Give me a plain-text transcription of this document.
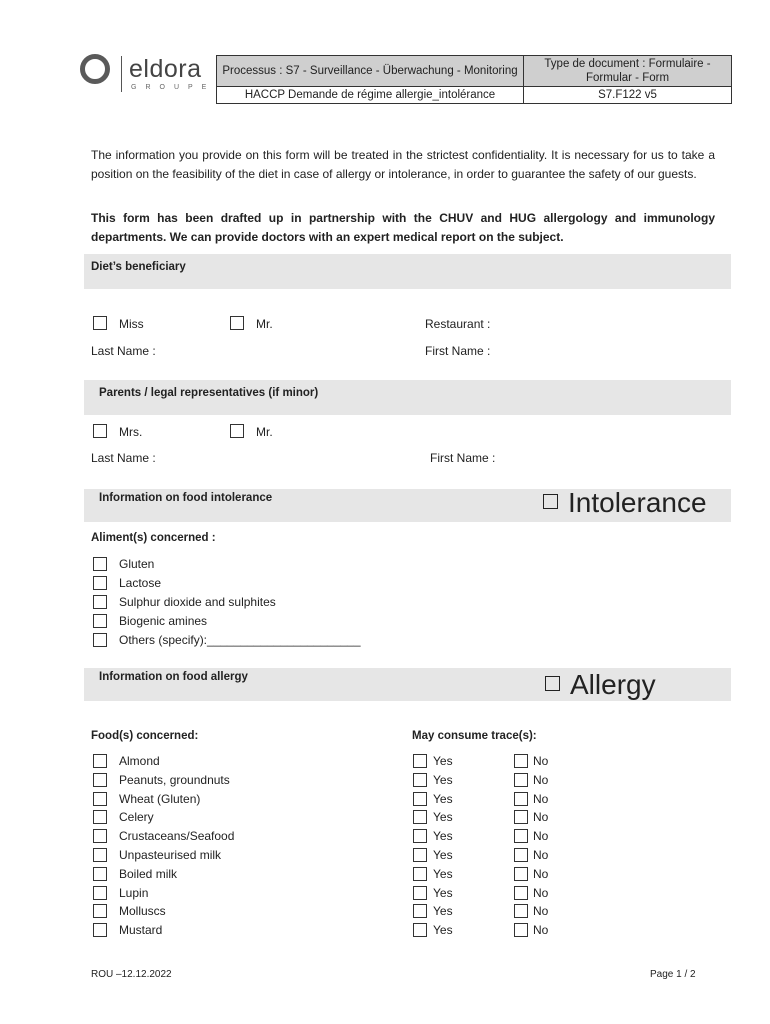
eldora
GROUPE
Processus : S7 - Surveillance - Überwachung - Monitoring	Type de document : Formulaire - Formular - Form
HACCP Demande de régime allergie_intolérance	S7.F122 v5
The information you provide on this form will be treated in the strictest confidentiality. It is necessary for us to take a position on the feasibility of the diet in case of allergy or intolerance, in order to guarantee the safety of our guests.
This form has been drafted up in partnership with the CHUV and HUG allergology and immunology departments. We can provide doctors with an expert medical report on the subject.
Diet’s beneficiary
Miss	Mr.	Restaurant :
Last Name :	First Name :
Parents / legal representatives (if minor)
Mrs.	Mr.
Last Name :	First Name :
Information on food intolerance	Intolerance
Aliment(s) concerned :
Gluten
Lactose
Sulphur dioxide and sulphites
Biogenic amines
Others (specify):_______________________
Information on food allergy	Allergy
Food(s) concerned:	May consume trace(s):
Almond	Yes	No
Peanuts, groundnuts	Yes	No
Wheat (Gluten)	Yes	No
Celery	Yes	No
Crustaceans/Seafood	Yes	No
Unpasteurised milk	Yes	No
Boiled milk	Yes	No
Lupin	Yes	No
Molluscs	Yes	No
Mustard	Yes	No
ROU –12.12.2022	Page 1 / 2
